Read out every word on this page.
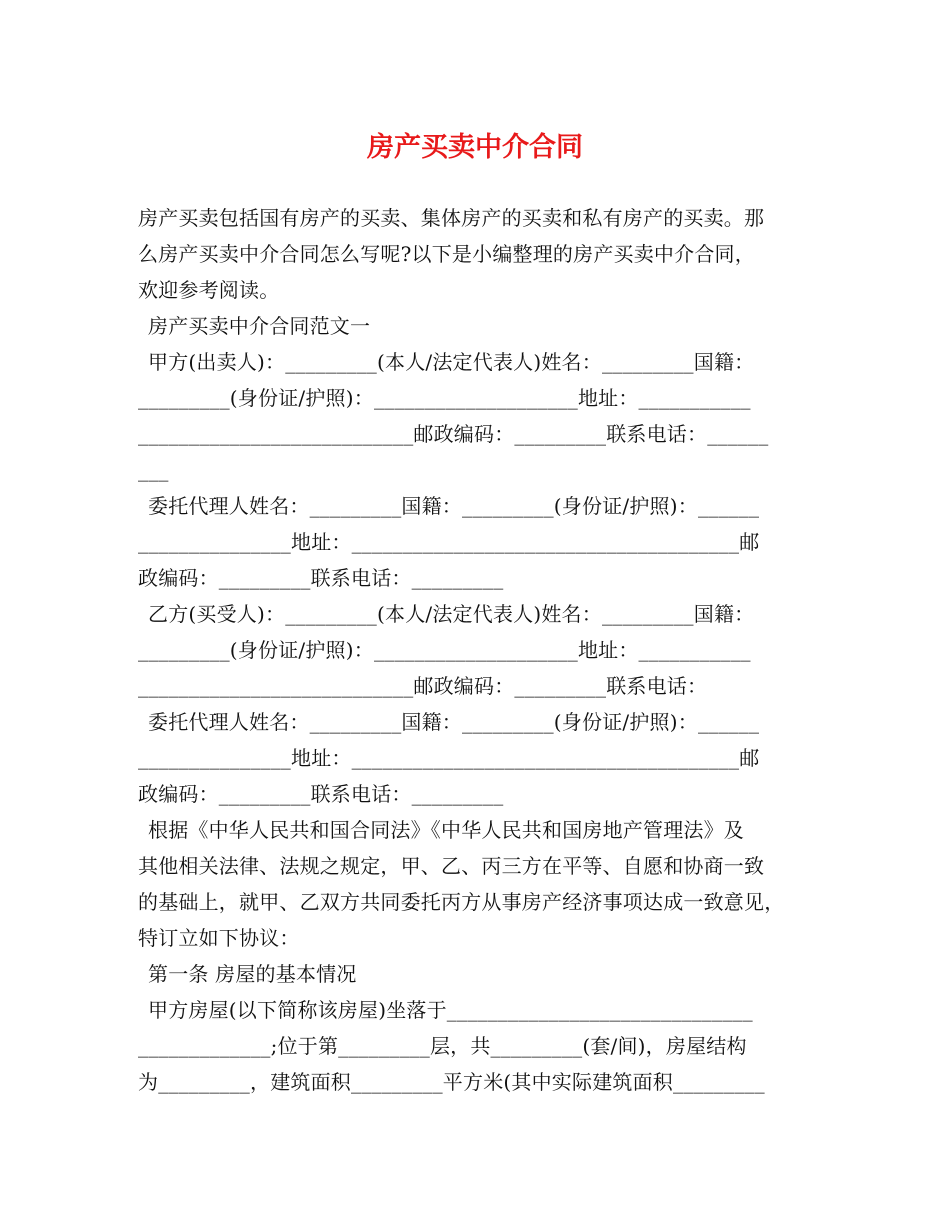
房产买卖中介合同
房产买卖包括国有房产的买卖、集体房产的买卖和私有房产的买卖。那
么房产买卖中介合同怎么写呢?以下是小编整理的房产买卖中介合同，
欢迎参考阅读。
房产买卖中介合同范文一
甲方(出卖人)：_________(本人/法定代表人)姓名：_________国籍：
_________(身份证/护照)：____________________地址：___________
___________________________邮政编码：_________联系电话：______
___
委托代理人姓名：_________国籍：_________(身份证/护照)：______
_______________地址：______________________________________邮
政编码：_________联系电话：_________
乙方(买受人)：_________(本人/法定代表人)姓名：_________国籍：
_________(身份证/护照)：____________________地址：___________
___________________________邮政编码：_________联系电话：
委托代理人姓名：_________国籍：_________(身份证/护照)：______
_______________地址：______________________________________邮
政编码：_________联系电话：_________
根据《中华人民共和国合同法》《中华人民共和国房地产管理法》及
其他相关法律、法规之规定，甲、乙、丙三方在平等、自愿和协商一致
的基础上，就甲、乙双方共同委托丙方从事房产经济事项达成一致意见，
特订立如下协议：
第一条 房屋的基本情况
甲方房屋(以下简称该房屋)坐落于______________________________
_____________;位于第_________层，共_________(套/间)，房屋结构
为_________，建筑面积_________平方米(其中实际建筑面积_________
